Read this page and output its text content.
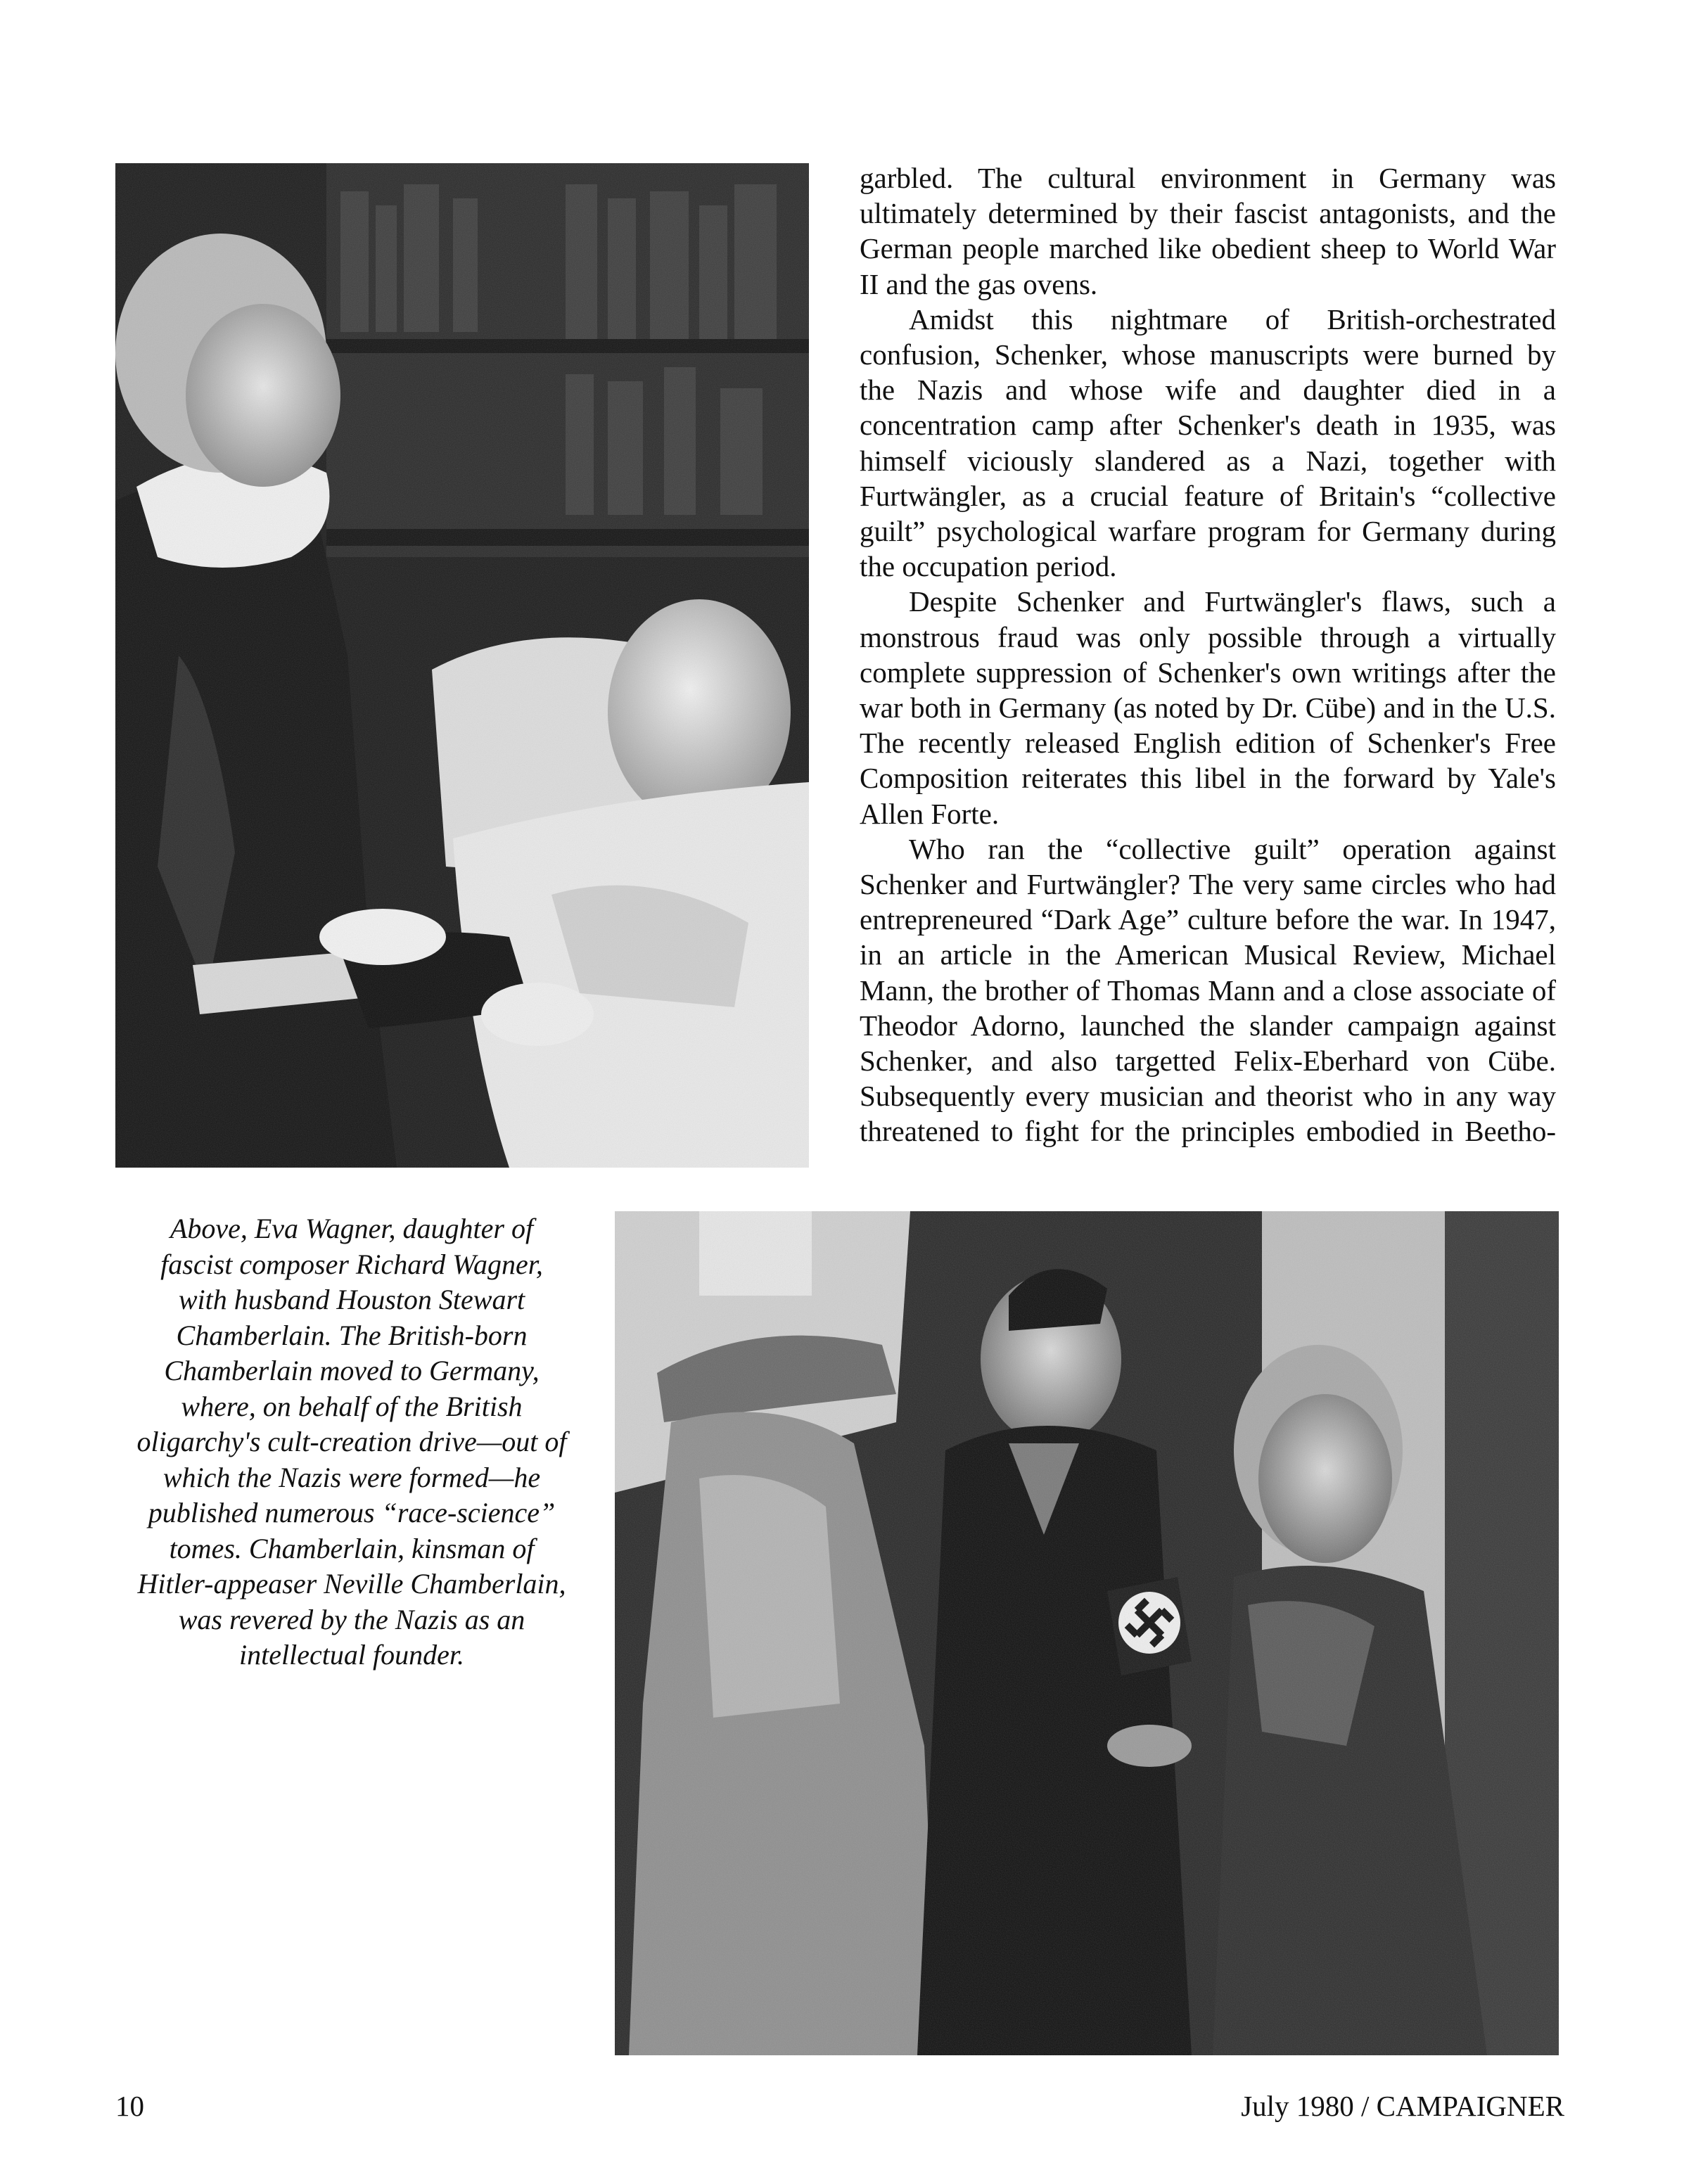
garbled. The cultural environment in Germany was ultimately determined by their fascist antagonists, and the German people marched like obedient sheep to World War II and the gas ovens.

Amidst this nightmare of British-orchestrated confusion, Schenker, whose manuscripts were burned by the Nazis and whose wife and daughter died in a concentration camp after Schenker's death in 1935, was himself viciously slandered as a Nazi, together with Furtwängler, as a crucial feature of Britain's “collective guilt” psychological warfare program for Germany during the occupation period.

Despite Schenker and Furtwängler's flaws, such a monstrous fraud was only possible through a virtually complete suppression of Schenker's own writings after the war both in Germany (as noted by Dr. Cübe) and in the U.S. The recently released English edition of Schenker's Free Composition reiterates this libel in the forward by Yale's Allen Forte.

Who ran the “collective guilt” operation against Schenker and Furtwängler? The very same circles who had entrepreneured “Dark Age” culture before the war. In 1947, in an article in the American Musical Review, Michael Mann, the brother of Thomas Mann and a close associate of Theodor Adorno, launched the slander campaign against Schenker, and also targetted Felix-Eberhard von Cübe. Subsequently every musician and theorist who in any way threatened to fight for the principles embodied in Beetho-

Above, Eva Wagner, daughter of fascist composer Richard Wagner, with husband Houston Stewart Chamberlain. The British-born Chamberlain moved to Germany, where, on behalf of the British oligarchy's cult-creation drive—out of which the Nazis were formed—he published numerous “race-science” tomes. Chamberlain, kinsman of Hitler-appeaser Neville Chamberlain, was revered by the Nazis as an intellectual founder.

10	July 1980 / CAMPAIGNER
